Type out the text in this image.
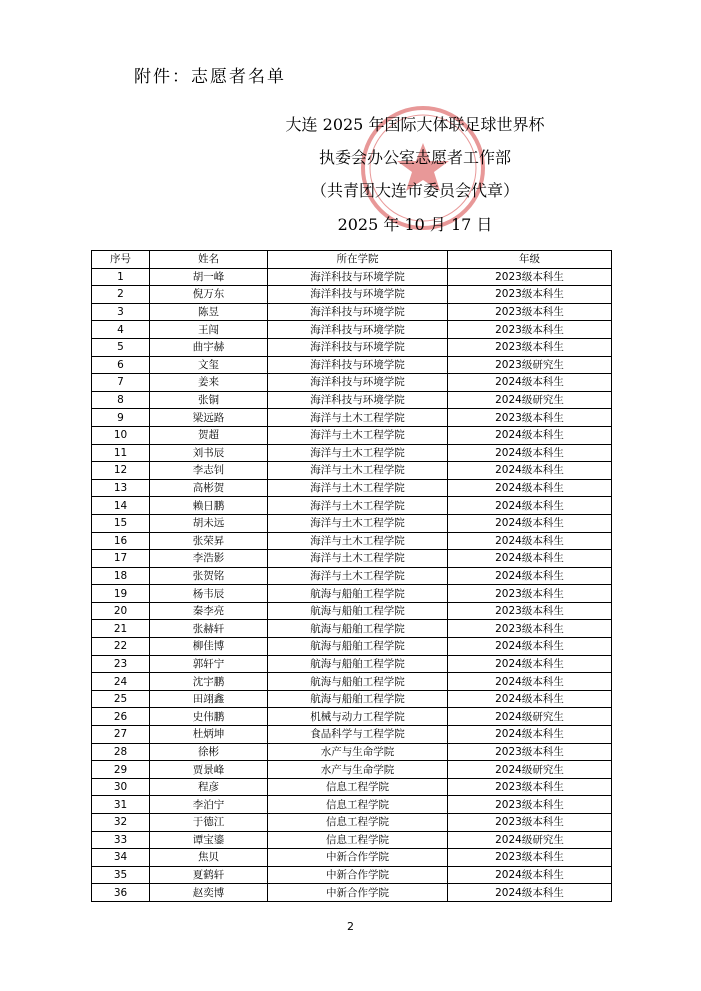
附件：志愿者名单
大连 2025 年国际大体联足球世界杯
执委会办公室志愿者工作部
（共青团大连市委员会代章）
2025 年 10 月 17 日
序号	姓名	所在学院	年级
1	胡一峰	海洋科技与环境学院	2023级本科生
2	倪万东	海洋科技与环境学院	2023级本科生
3	陈昱	海洋科技与环境学院	2023级本科生
4	王闯	海洋科技与环境学院	2023级本科生
5	曲宇赫	海洋科技与环境学院	2023级本科生
6	文玺	海洋科技与环境学院	2023级研究生
7	姜来	海洋科技与环境学院	2024级本科生
8	张铜	海洋科技与环境学院	2024级研究生
9	梁远路	海洋与土木工程学院	2023级本科生
10	贺超	海洋与土木工程学院	2024级本科生
11	刘书辰	海洋与土木工程学院	2024级本科生
12	李志钊	海洋与土木工程学院	2024级本科生
13	高彬贺	海洋与土木工程学院	2024级本科生
14	赖日鹏	海洋与土木工程学院	2024级本科生
15	胡未远	海洋与土木工程学院	2024级本科生
16	张荣昇	海洋与土木工程学院	2024级本科生
17	李浩影	海洋与土木工程学院	2024级本科生
18	张贺铭	海洋与土木工程学院	2024级本科生
19	杨韦辰	航海与船舶工程学院	2023级本科生
20	秦李亮	航海与船舶工程学院	2023级本科生
21	张赫轩	航海与船舶工程学院	2023级本科生
22	柳佳博	航海与船舶工程学院	2024级本科生
23	郭轩宁	航海与船舶工程学院	2024级本科生
24	沈宇鹏	航海与船舶工程学院	2024级本科生
25	田翊鑫	航海与船舶工程学院	2024级本科生
26	史伟鹏	机械与动力工程学院	2024级研究生
27	杜炳坤	食品科学与工程学院	2024级本科生
28	徐彬	水产与生命学院	2023级本科生
29	贾景峰	水产与生命学院	2024级研究生
30	程彦	信息工程学院	2023级本科生
31	李泊宁	信息工程学院	2023级本科生
32	于德江	信息工程学院	2023级本科生
33	谭宝鎏	信息工程学院	2024级研究生
34	焦贝	中新合作学院	2023级本科生
35	夏鹤轩	中新合作学院	2024级本科生
36	赵奕博	中新合作学院	2024级本科生
2
